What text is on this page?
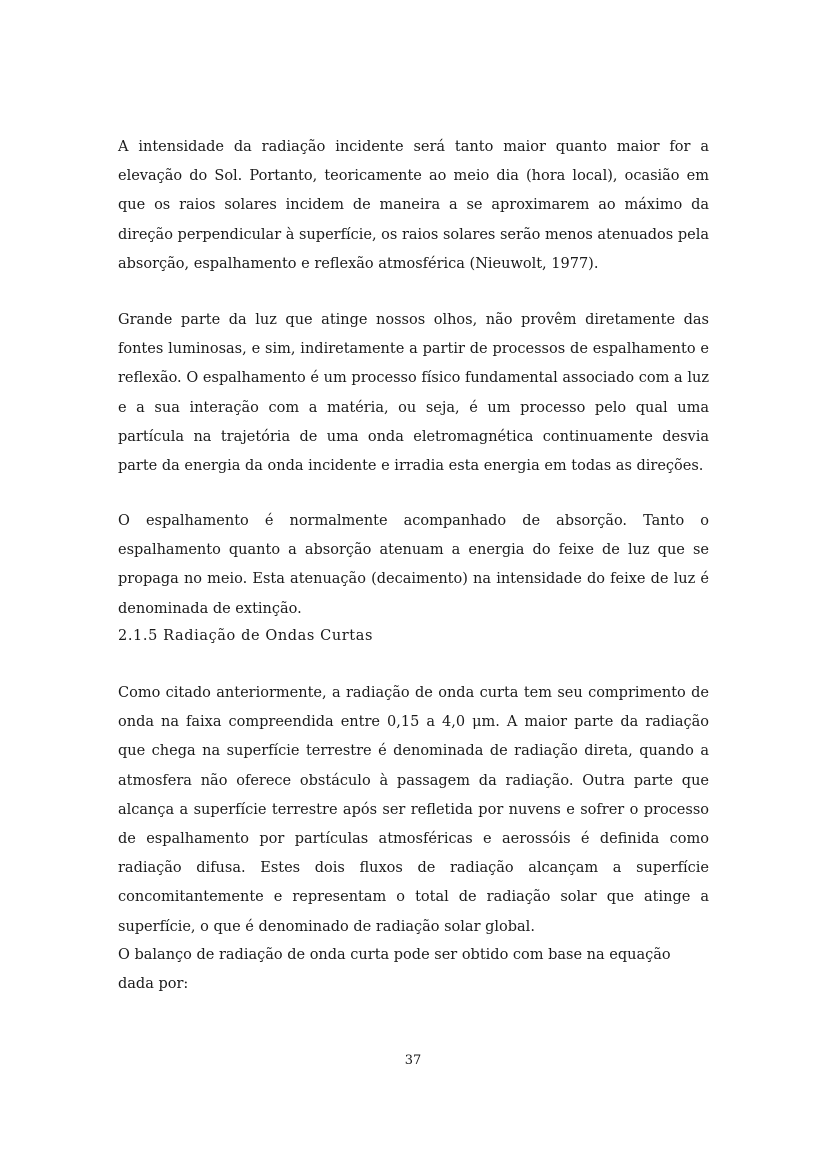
A intensidade da radiação incidente será tanto maior quanto maior for a elevação do Sol. Portanto, teoricamente ao meio dia (hora local), ocasião em que os raios solares incidem de maneira a se aproximarem ao máximo da direção perpendicular à superfície, os raios solares serão menos atenuados pela absorção, espalhamento e reflexão atmosférica (Nieuwolt, 1977).

Grande parte da luz que atinge nossos olhos, não provêm diretamente das fontes luminosas, e sim, indiretamente a partir de processos de espalhamento e reflexão. O espalhamento é um processo físico fundamental associado com a luz e a sua interação com a matéria, ou seja, é um processo pelo qual uma partícula na trajetória de uma onda eletromagnética continuamente desvia parte da energia da onda incidente e irradia esta energia em todas as direções.

O espalhamento é normalmente acompanhado de absorção. Tanto o espalhamento quanto a absorção atenuam a energia do feixe de luz que se propaga no meio. Esta atenuação (decaimento) na intensidade do feixe de luz é denominada de extinção.

2.1.5 Radiação de Ondas Curtas

Como citado anteriormente, a radiação de onda curta tem seu comprimento de onda na faixa compreendida entre 0,15 a 4,0 μm. A maior parte da radiação que chega na superfície terrestre é denominada de radiação direta, quando a atmosfera não oferece obstáculo à passagem da radiação. Outra parte que alcança a superfície terrestre após ser refletida por nuvens e sofrer o processo de espalhamento por partículas atmosféricas e aerossóis é definida como radiação difusa. Estes dois fluxos de radiação alcançam a superfície concomitantemente e representam o total de radiação solar que atinge a superfície, o que é denominado de radiação solar global.

O balanço de radiação de onda curta pode ser obtido com base na equação dada por:

37
